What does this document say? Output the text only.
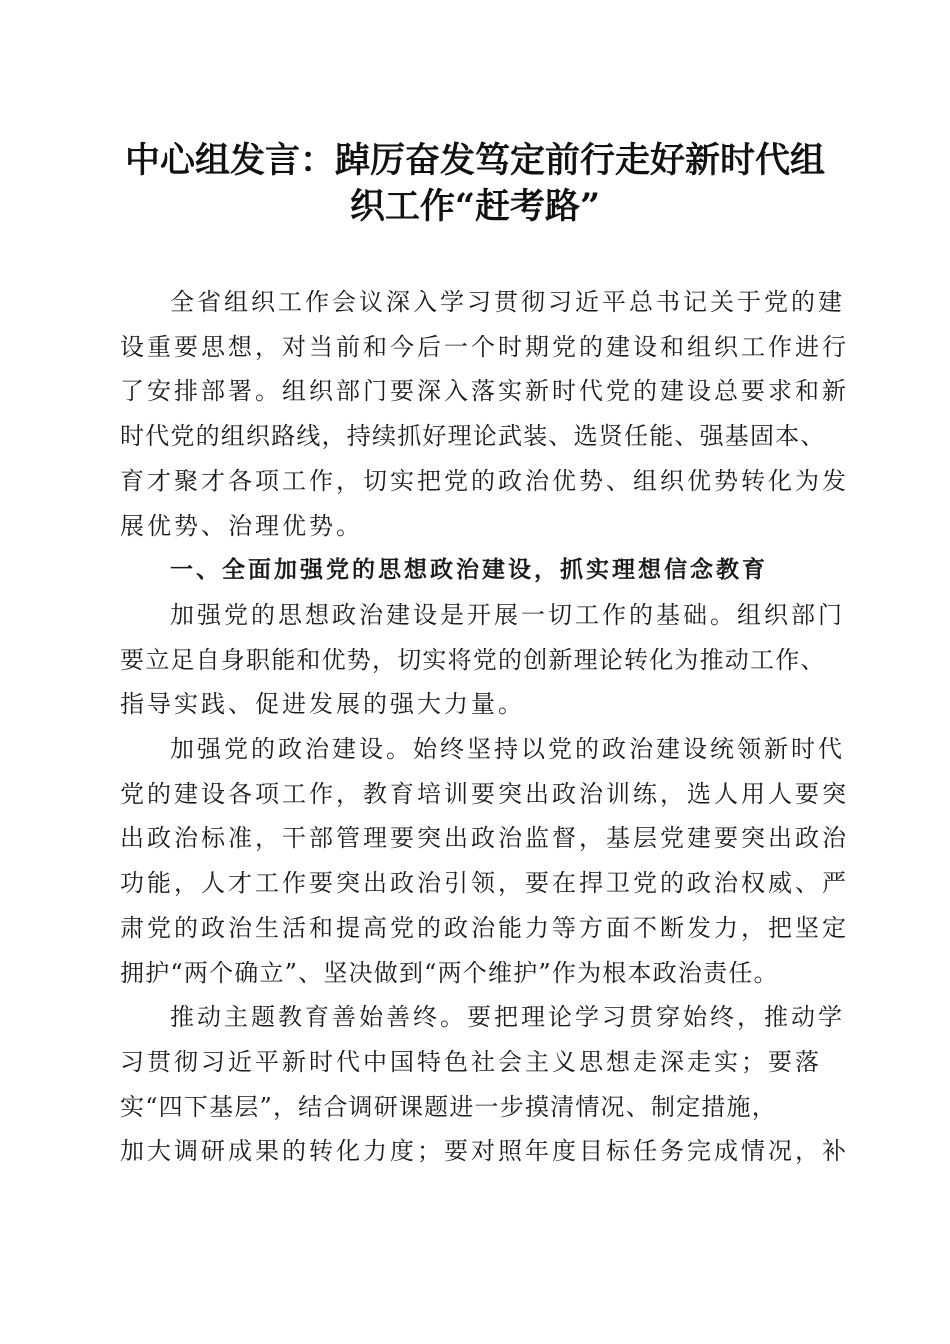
中心组发言：踔厉奋发笃定前行走好新时代组
织工作“赶考路”

全省组织工作会议深入学习贯彻习近平总书记关于党的建
设重要思想，对当前和今后一个时期党的建设和组织工作进行
了安排部署。组织部门要深入落实新时代党的建设总要求和新
时代党的组织路线，持续抓好理论武装、选贤任能、强基固本、
育才聚才各项工作，切实把党的政治优势、组织优势转化为发
展优势、治理优势。

一、全面加强党的思想政治建设，抓实理想信念教育

加强党的思想政治建设是开展一切工作的基础。组织部门
要立足自身职能和优势，切实将党的创新理论转化为推动工作、
指导实践、促进发展的强大力量。

加强党的政治建设。始终坚持以党的政治建设统领新时代
党的建设各项工作，教育培训要突出政治训练，选人用人要突
出政治标准，干部管理要突出政治监督，基层党建要突出政治
功能，人才工作要突出政治引领，要在捍卫党的政治权威、严
肃党的政治生活和提高党的政治能力等方面不断发力，把坚定
拥护“两个确立”、坚决做到“两个维护”作为根本政治责任。

推动主题教育善始善终。要把理论学习贯穿始终，推动学
习贯彻习近平新时代中国特色社会主义思想走深走实；要落
实“四下基层”，结合调研课题进一步摸清情况、制定措施，
加大调研成果的转化力度；要对照年度目标任务完成情况，补
